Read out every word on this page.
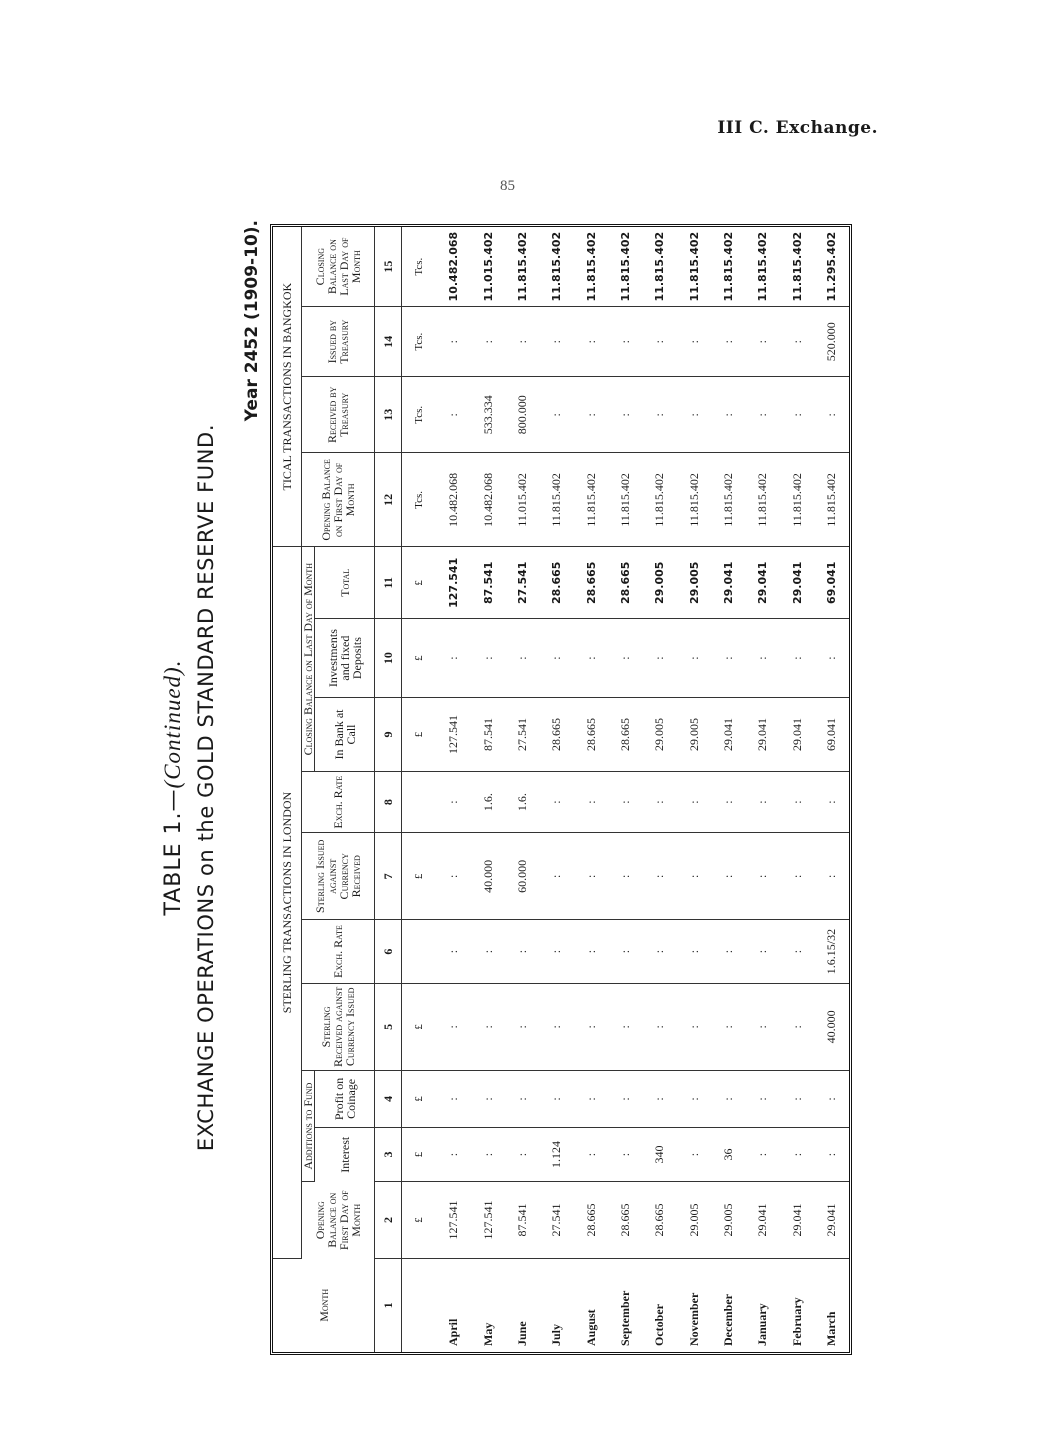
III C. Exchange.
85
TABLE 1.—(Continued). EXCHANGE OPERATIONS on the GOLD STANDARD RESERVE FUND.
Year 2452 (1909-10).
Month	STERLING TRANSACTIONS IN LONDON										TICAL TRANSACTIONS IN BANGKOK			
	Opening Balance on First Day of Month	Additions to Fund		Sterling Received against Currency Issued	Exch. Rate	Sterling Issued against Currency Received	Exch. Rate	Closing Balance on Last Day of Month			Opening Balance on First Day of Month	Received by Treasury	Issued by Treasury	Closing Balance on Last Day of Month
		Interest	Profit on Coinage					In Bank at Call	Investments and fixed Deposits	Total				
1	2	3	4	5	6	7	8	9	10	11	12	13	14	15
	£	£	£	£		£		£	£	£	Tcs.	Tcs.	Tcs.	Tcs.
April	127.541	:	:	:	:	:	:	127.541	:	127.541	10.482.068	:	:	10.482.068
May	127.541	:	:	:	:	40.000	1.6.	87.541	:	87.541	10.482.068	533.334	:	11.015.402
June	87.541	:	:	:	:	60.000	1.6.	27.541	:	27.541	11.015.402	800.000	:	11.815.402
July	27.541	1.124	:	:	:	:	:	28.665	:	28.665	11.815.402	:	:	11.815.402
August	28.665	:	:	:	:	:	:	28.665	:	28.665	11.815.402	:	:	11.815.402
September	28.665	:	:	:	:	:	:	28.665	:	28.665	11.815.402	:	:	11.815.402
October	28.665	340	:	:	:	:	:	29.005	:	29.005	11.815.402	:	:	11.815.402
November	29.005	:	:	:	:	:	:	29.005	:	29.005	11.815.402	:	:	11.815.402
December	29.005	36	:	:	:	:	:	29.041	:	29.041	11.815.402	:	:	11.815.402
January	29.041	:	:	:	:	:	:	29.041	:	29.041	11.815.402	:	:	11.815.402
February	29.041	:	:	:	:	:	:	29.041	:	29.041	11.815.402	:	:	11.815.402
March	29.041	:	:	40.000	1.6.15/32	:	:	69.041	:	69.041	11.815.402	:	520.000	11.295.402
